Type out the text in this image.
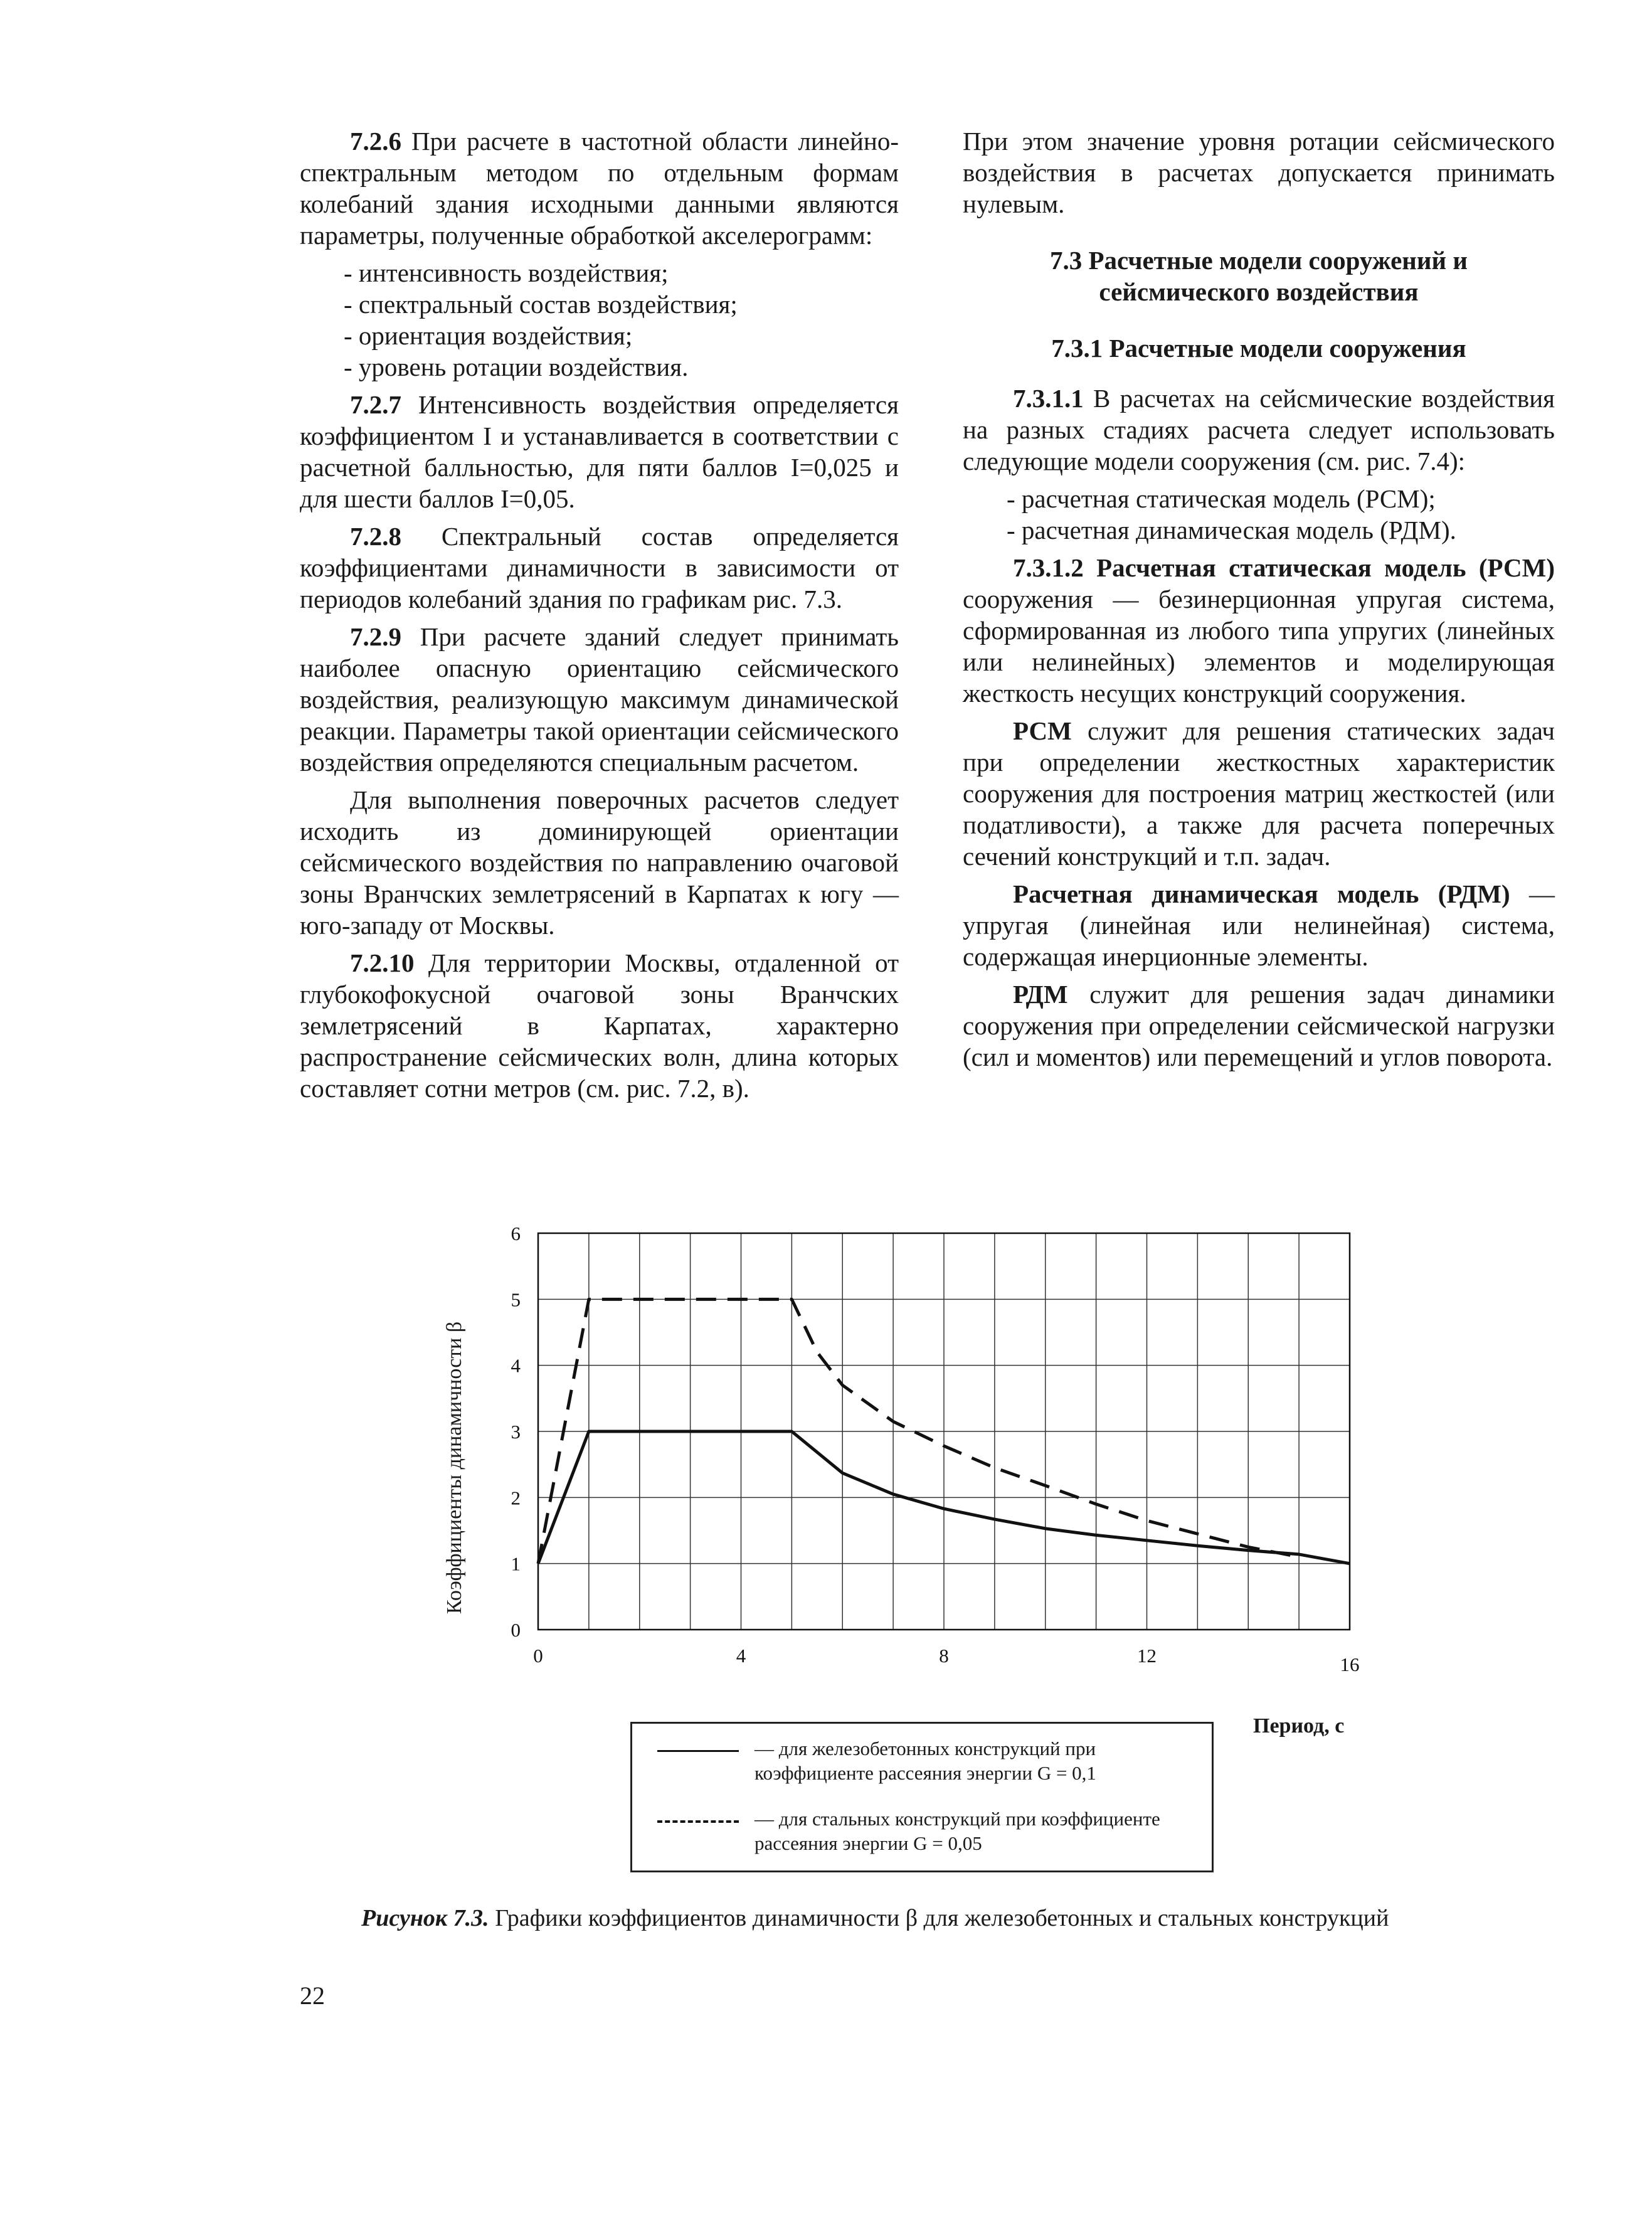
7.2.6 При расчете в частотной области линейно-спектральным методом по отдельным формам колебаний здания исходными данными являются параметры, полученные обработкой акселерограмм:

- интенсивность воздействия;
- спектральный состав воздействия;
- ориентация воздействия;
- уровень ротации воздействия.

7.2.7 Интенсивность воздействия определяется коэффициентом I и устанавливается в соответствии с расчетной балльностью, для пяти баллов I=0,025 и для шести баллов I=0,05.

7.2.8 Спектральный состав определяется коэффициентами динамичности в зависимости от периодов колебаний здания по графикам рис. 7.3.

7.2.9 При расчете зданий следует принимать наиболее опасную ориентацию сейсмического воздействия, реализующую максимум динамической реакции. Параметры такой ориентации сейсмического воздействия определяются специальным расчетом.

Для выполнения поверочных расчетов следует исходить из доминирующей ориентации сейсмического воздействия по направлению очаговой зоны Вранчских землетрясений в Карпатах к югу — юго-западу от Москвы.

7.2.10 Для территории Москвы, отдаленной от глубокофокусной очаговой зоны Вранчских землетрясений в Карпатах, характерно распространение сейсмических волн, длина которых составляет сотни метров (см. рис. 7.2, в).

При этом значение уровня ротации сейсмического воздействия в расчетах допускается принимать нулевым.

7.3 Расчетные модели сооружений и сейсмического воздействия
7.3.1 Расчетные модели сооружения

7.3.1.1 В расчетах на сейсмические воздействия на разных стадиях расчета следует использовать следующие модели сооружения (см. рис. 7.4):

- расчетная статическая модель (РСМ);
- расчетная динамическая модель (РДМ).

7.3.1.2 Расчетная статическая модель (РСМ) сооружения — безинерционная упругая система, сформированная из любого типа упругих (линейных или нелинейных) элементов и моделирующая жесткость несущих конструкций сооружения.

РСМ служит для решения статических задач при определении жесткостных характеристик сооружения для построения матриц жесткостей (или податливости), а также для расчета поперечных сечений конструкций и т.п. задач.

Расчетная динамическая модель (РДМ) — упругая (линейная или нелинейная) система, содержащая инерционные элементы.

РДМ служит для решения задач динамики сооружения при определении сейсмической нагрузки (сил и моментов) или перемещений и углов поворота.

0
1
2
3
4
5
6
0	4	8	12	16
Коэффициенты динамичности β
Период, с
— для железобетонных конструкций при коэффициенте рассеяния энергии G = 0,1
— для стальных конструкций при коэффициенте рассеяния энергии G = 0,05
Рисунок 7.3. Графики коэффициентов динамичности β для железобетонных и стальных конструкций
22
